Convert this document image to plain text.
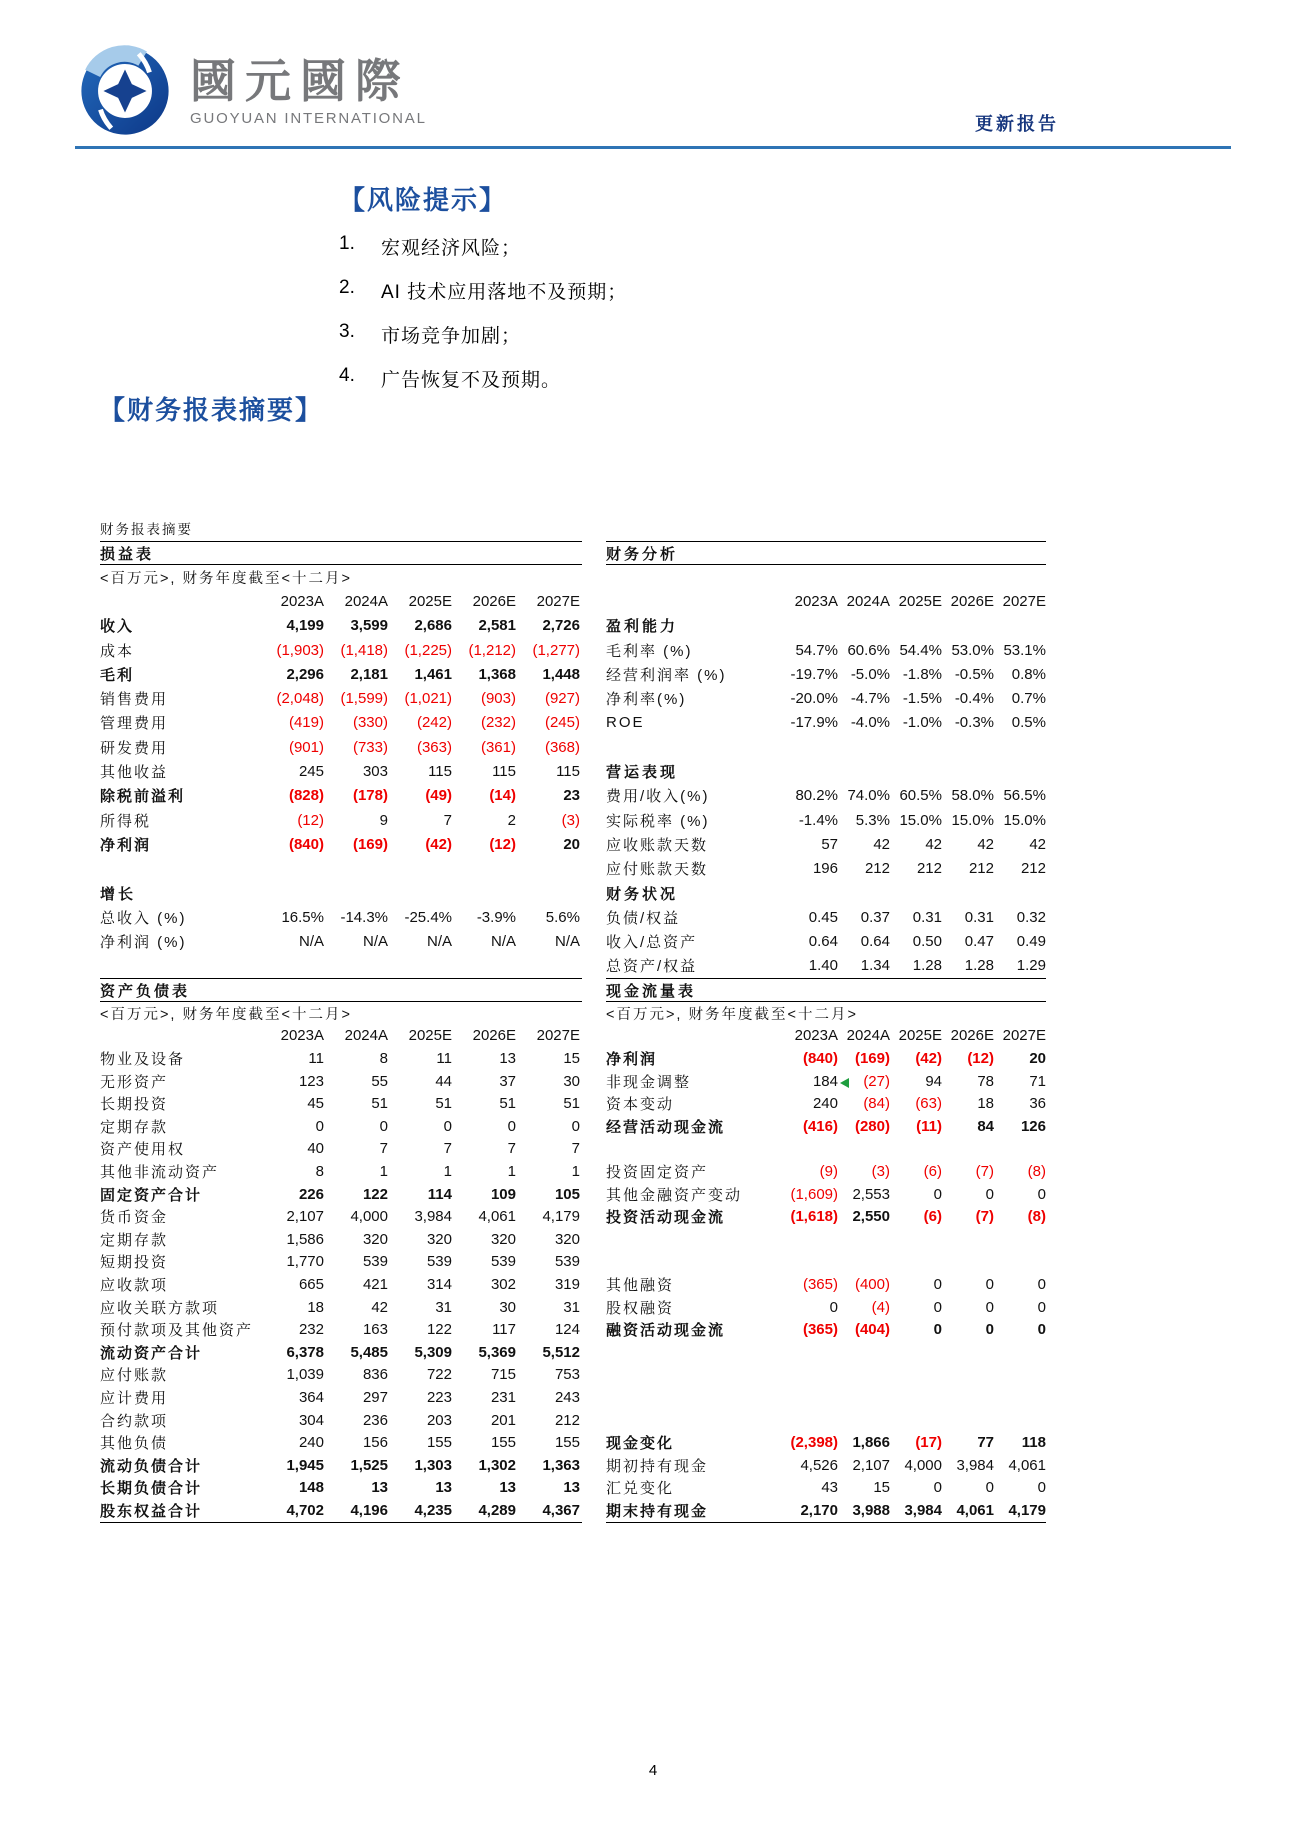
國元國際
GUOYUAN INTERNATIONAL	更新报告
【风险提示】
1.	宏观经济风险；
2.	AI 技术应用落地不及预期；
3.	市场竞争加剧；
4.	广告恢复不及预期。
【财务报表摘要】
财务报表摘要
损益表
<百万元>, 财务年度截至<十二月>
2023A	2024A	2025E	2026E	2027E
收入	4,199	3,599	2,686	2,581	2,726
成本	(1,903)	(1,418)	(1,225)	(1,212)	(1,277)
毛利	2,296	2,181	1,461	1,368	1,448
销售费用	(2,048)	(1,599)	(1,021)	(903)	(927)
管理费用	(419)	(330)	(242)	(232)	(245)
研发费用	(901)	(733)	(363)	(361)	(368)
其他收益	245	303	115	115	115
除税前溢利	(828)	(178)	(49)	(14)	23
所得税	(12)	9	7	2	(3)
净利润	(840)	(169)	(42)	(12)	20
增长
总收入 (%)	16.5%	-14.3%	-25.4%	-3.9%	5.6%
净利润 (%)	N/A	N/A	N/A	N/A	N/A
资产负债表
<百万元>, 财务年度截至<十二月>
2023A	2024A	2025E	2026E	2027E
物业及设备	11	8	11	13	15
无形资产	123	55	44	37	30
长期投资	45	51	51	51	51
定期存款	0	0	0	0	0
资产使用权	40	7	7	7	7
其他非流动资产	8	1	1	1	1
固定资产合计	226	122	114	109	105
货币资金	2,107	4,000	3,984	4,061	4,179
定期存款	1,586	320	320	320	320
短期投资	1,770	539	539	539	539
应收款项	665	421	314	302	319
应收关联方款项	18	42	31	30	31
预付款项及其他资产	232	163	122	117	124
流动资产合计	6,378	5,485	5,309	5,369	5,512
应付账款	1,039	836	722	715	753
应计费用	364	297	223	231	243
合约款项	304	236	203	201	212
其他负债	240	156	155	155	155
流动负债合计	1,945	1,525	1,303	1,302	1,363
长期负债合计	148	13	13	13	13
股东权益合计	4,702	4,196	4,235	4,289	4,367
财务分析
2023A 2024A 2025E 2026E 2027E
盈利能力
毛利率 (%)	54.7% 60.6% 54.4% 53.0% 53.1%
经营利润率 (%)	-19.7% -5.0% -1.8% -0.5%	0.8%
净利率(%)	-20.0% -4.7% -1.5% -0.4%	0.7%
ROE	-17.9% -4.0% -1.0% -0.3%	0.5%
营运表现
费用/收入(%)	80.2% 74.0% 60.5% 58.0% 56.5%
实际税率 (%)	-1.4%	5.3% 15.0% 15.0% 15.0%
应收账款天数	57	42	42	42	42
应付账款天数	196	212	212	212	212
财务状况
负债/权益	0.45	0.37	0.31	0.31	0.32
收入/总资产	0.64	0.64	0.50	0.47	0.49
总资产/权益	1.40	1.34	1.28	1.28	1.29
现金流量表
<百万元>, 财务年度截至<十二月>
2023A 2024A 2025E 2026E 2027E
净利润	(840)	(169)	(42)	(12)	20
非现金调整	184	(27)	94	78	71
资本变动	240	(84)	(63)	18	36
经营活动现金流	(416)	(280)	(11)	84	126
投资固定资产	(9)	(3)	(6)	(7)	(8)
其他金融资产变动	(1,609) 2,553	0	0	0
投资活动现金流	(1,618) 2,550	(6)	(7)	(8)
其他融资	(365)	(400)	0	0	0
股权融资	0	(4)	0	0	0
融资活动现金流	(365)	(404)	0	0	0
现金变化	(2,398) 1,866	(17)	77	118
期初持有现金	4,526 2,107 4,000 3,984 4,061
汇兑变化	43	15	0	0	0
期末持有现金	2,170 3,988 3,984 4,061 4,179
4
